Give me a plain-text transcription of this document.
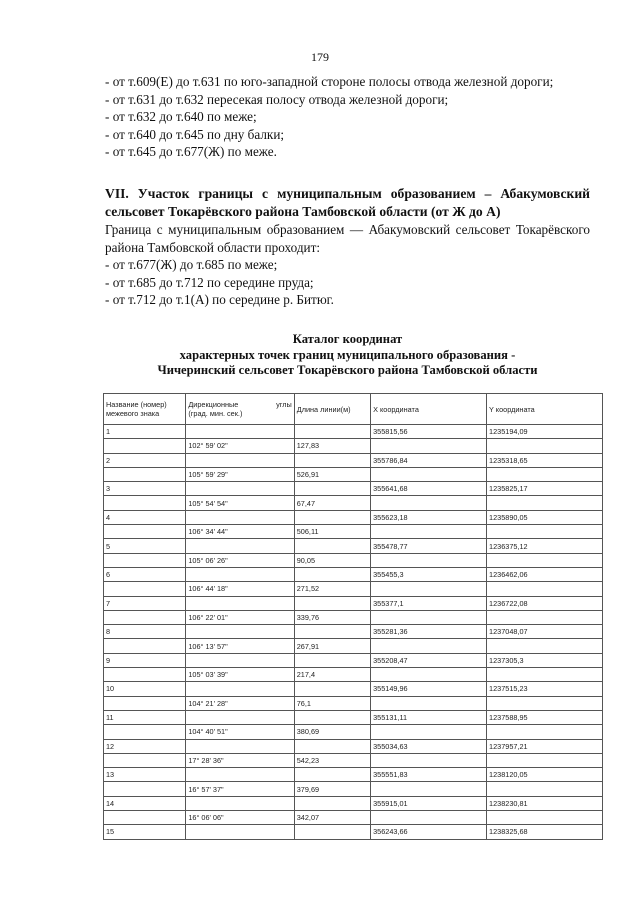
179

- от т.609(Е) до т.631 по юго-западной стороне полосы отвода железной дороги;

- от т.631 до т.632 пересекая полосу отвода железной дороги;

- от т.632 до т.640 по меже;

- от т.640 до т.645 по дну балки;

- от т.645 до т.677(Ж) по меже.

VII. Участок границы с муниципальным образованием – Абакумовский сельсовет Токарёвского района Тамбовской области (от Ж до А)

Граница с муниципальным образованием — Абакумовский сельсовет Токарёвского района Тамбовской области проходит:

- от т.677(Ж) до т.685 по меже;

- от т.685 до т.712 по середине пруда;

- от т.712 до т.1(А) по середине р. Битюг.

Каталог координат
характерных точек границ муниципального образования -
Чичеринский сельсовет Токарёвского района Тамбовской области
Название (номер) межевого знака	Дирекционные углы
(град. мин. сек.)	Длина линии(м)	X координата	Y координата
1			355815,56	1235194,09
	102° 59' 02"	127,83		
2			355786,84	1235318,65
	105° 59' 29"	526,91		
3			355641,68	1235825,17
	105° 54' 54"	67,47		
4			355623,18	1235890,05
	106° 34' 44"	506,11		
5			355478,77	1236375,12
	105° 06' 26"	90,05		
6			355455,3	1236462,06
	106° 44' 18"	271,52		
7			355377,1	1236722,08
	106° 22' 01"	339,76		
8			355281,36	1237048,07
	106° 13' 57"	267,91		
9			355208,47	1237305,3
	105° 03' 39"	217,4		
10			355149,96	1237515,23
	104° 21' 28"	76,1		
11			355131,11	1237588,95
	104° 40' 51"	380,69		
12			355034,63	1237957,21
	17° 28' 36"	542,23		
13			355551,83	1238120,05
	16° 57' 37"	379,69		
14			355915,01	1238230,81
	16° 06' 06"	342,07		
15			356243,66	1238325,68
